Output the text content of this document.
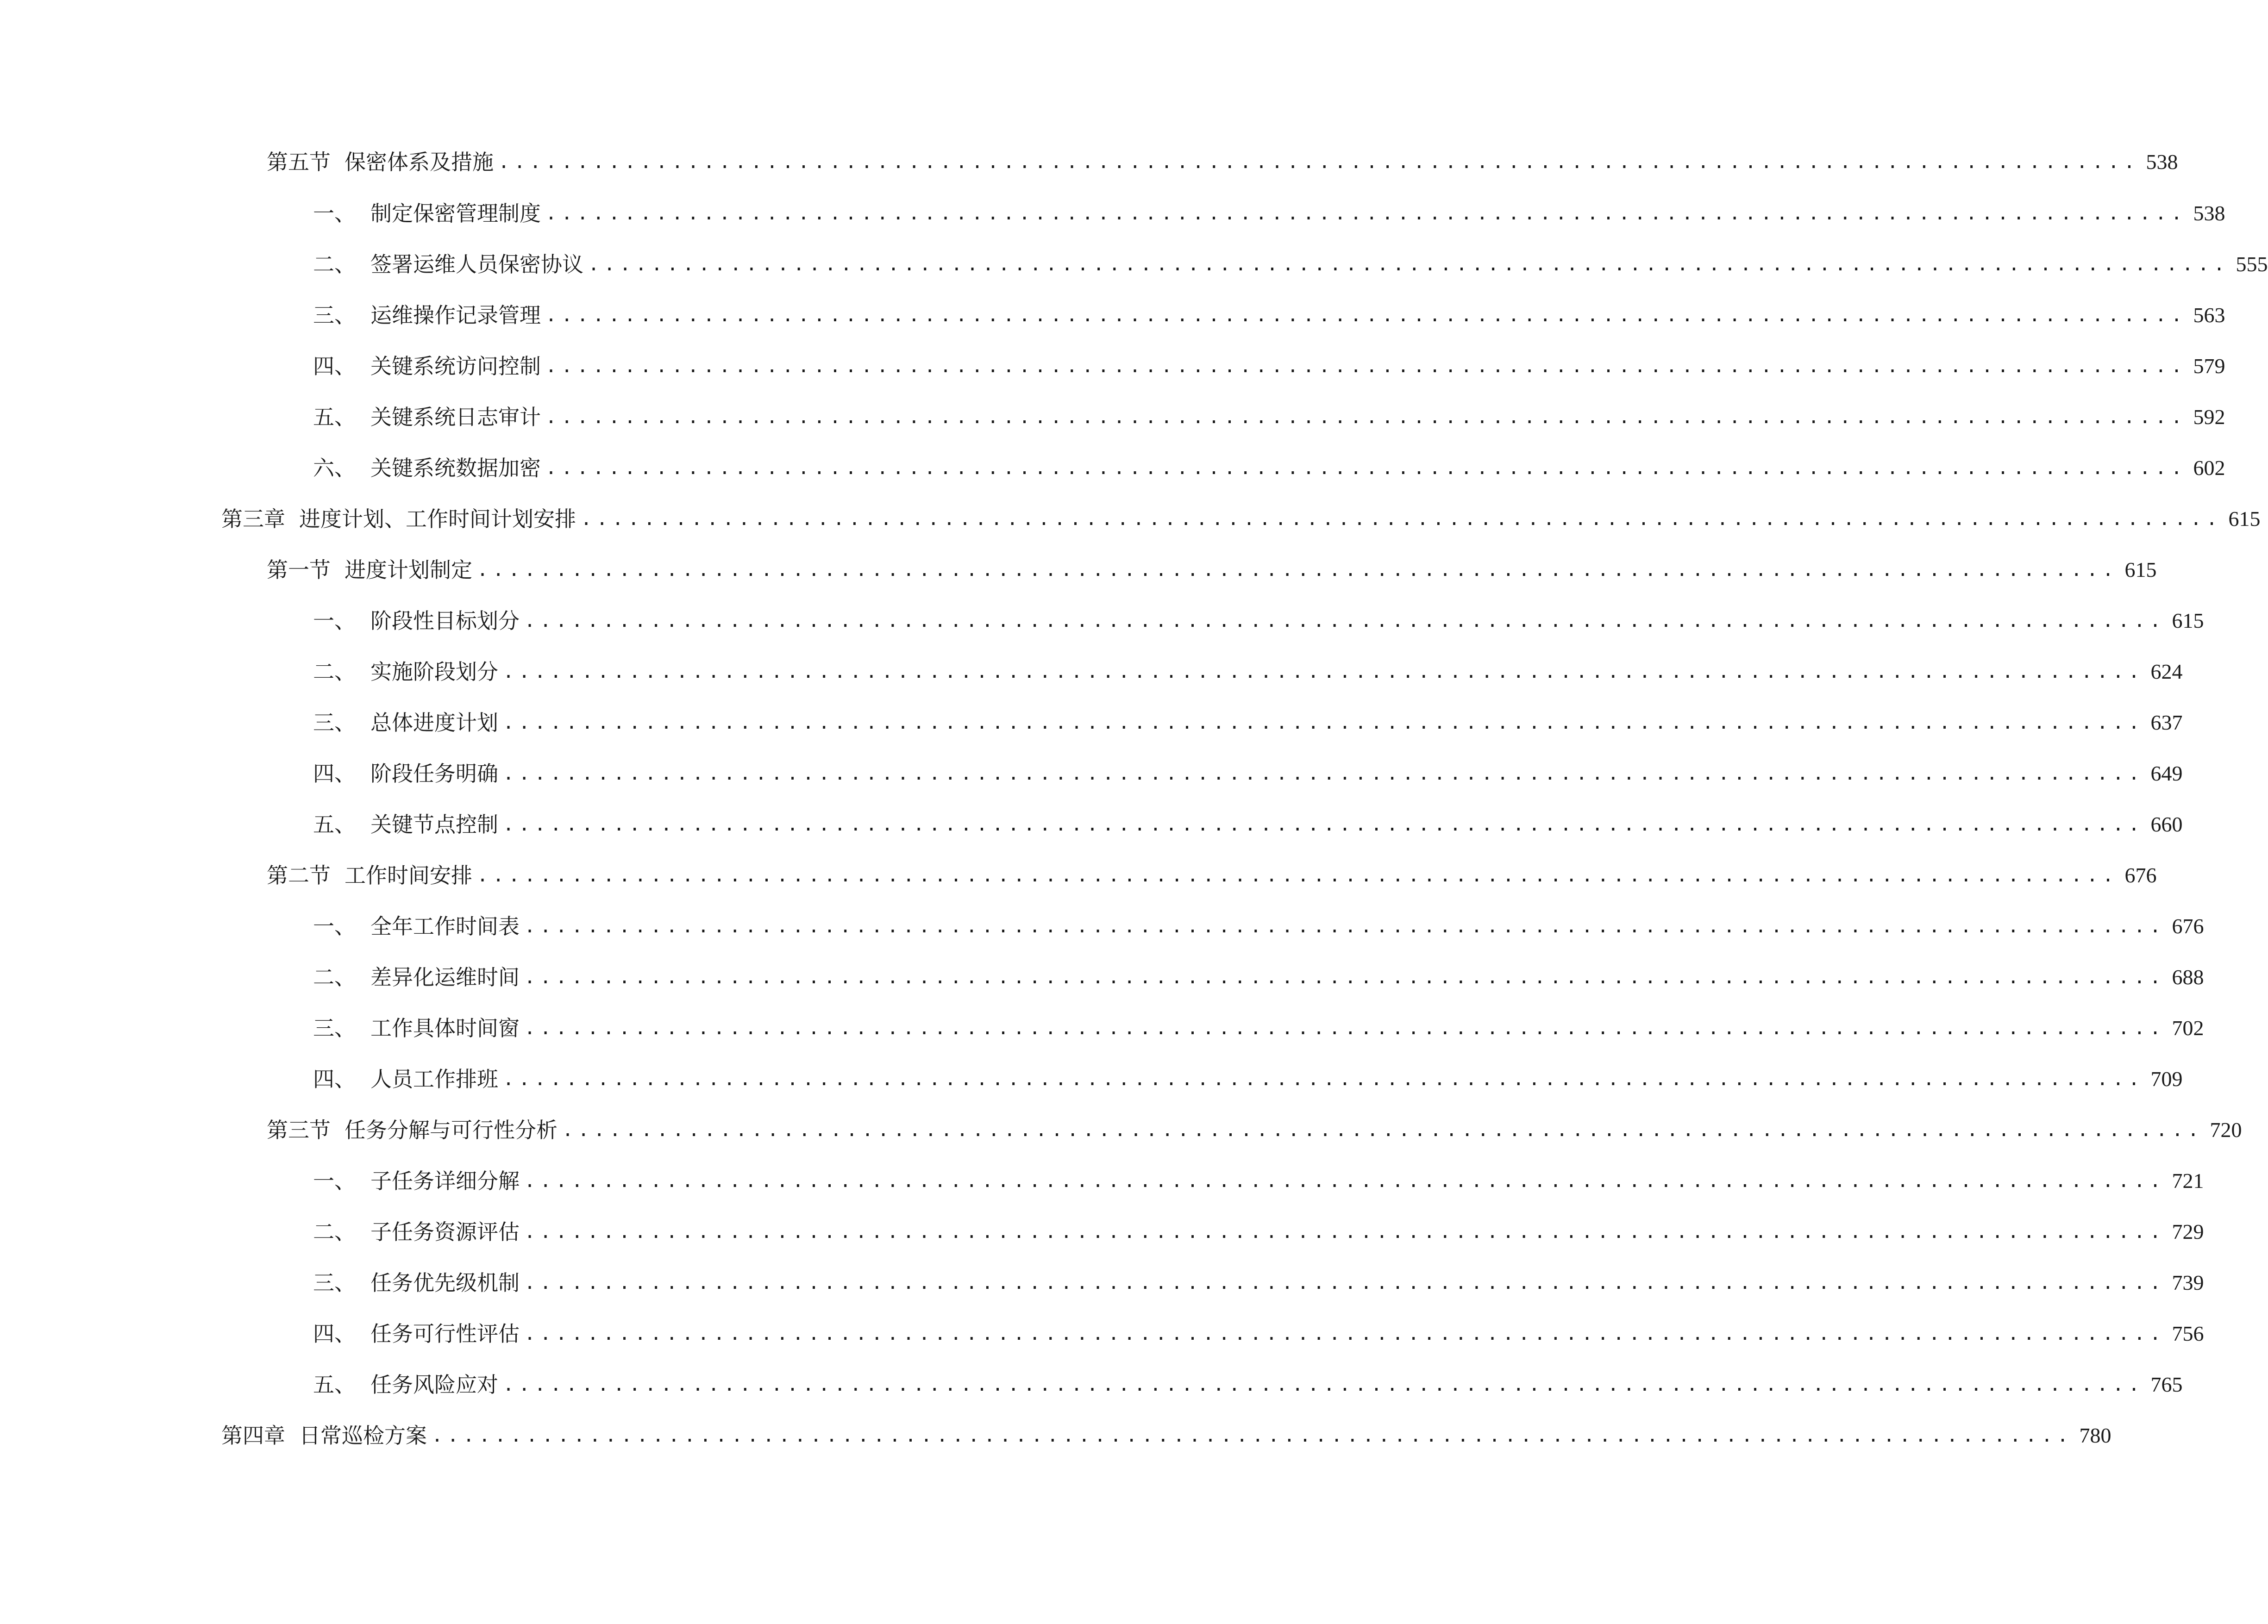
第五节 保密体系及措施 ........................................................................................................ 538
一、 制定保密管理制度 ........................................................................................................ 538
二、 签署运维人员保密协议 ........................................................................................................ 555
三、 运维操作记录管理 ........................................................................................................ 563
四、 关键系统访问控制 ........................................................................................................ 579
五、 关键系统日志审计 ........................................................................................................ 592
六、 关键系统数据加密 ........................................................................................................ 602
第三章 进度计划、工作时间计划安排 ........................................................................................................ 615
第一节 进度计划制定 ........................................................................................................ 615
一、 阶段性目标划分 ........................................................................................................ 615
二、 实施阶段划分 ........................................................................................................ 624
三、 总体进度计划 ........................................................................................................ 637
四、 阶段任务明确 ........................................................................................................ 649
五、 关键节点控制 ........................................................................................................ 660
第二节 工作时间安排 ........................................................................................................ 676
一、 全年工作时间表 ........................................................................................................ 676
二、 差异化运维时间 ........................................................................................................ 688
三、 工作具体时间窗 ........................................................................................................ 702
四、 人员工作排班 ........................................................................................................ 709
第三节 任务分解与可行性分析 ........................................................................................................ 720
一、 子任务详细分解 ........................................................................................................ 721
二、 子任务资源评估 ........................................................................................................ 729
三、 任务优先级机制 ........................................................................................................ 739
四、 任务可行性评估 ........................................................................................................ 756
五、 任务风险应对 ........................................................................................................ 765
第四章 日常巡检方案 ........................................................................................................ 780
